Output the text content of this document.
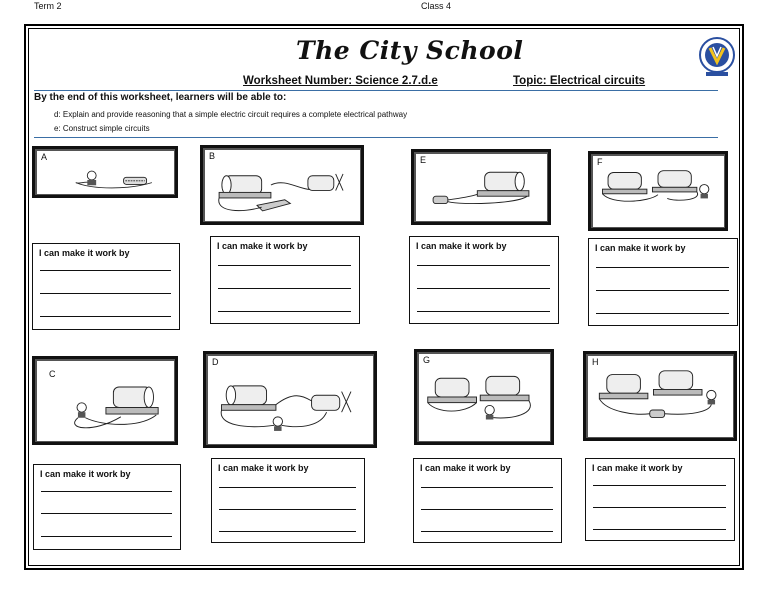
Term 2	Class 4
The City School
Worksheet Number: Science 2.7.d.e	Topic: Electrical circuits
By the end of this worksheet, learners will be able to:
d: Explain and provide reasoning that a simple electric circuit requires a complete electrical pathway
e: Construct simple circuits
A	B	E	F
I can make it work by
I can make it work by	I can make it work by	I can make it work by
C
D	G	H
I can make it work by
I can make it work by	I can make it work by	I can make it work by
